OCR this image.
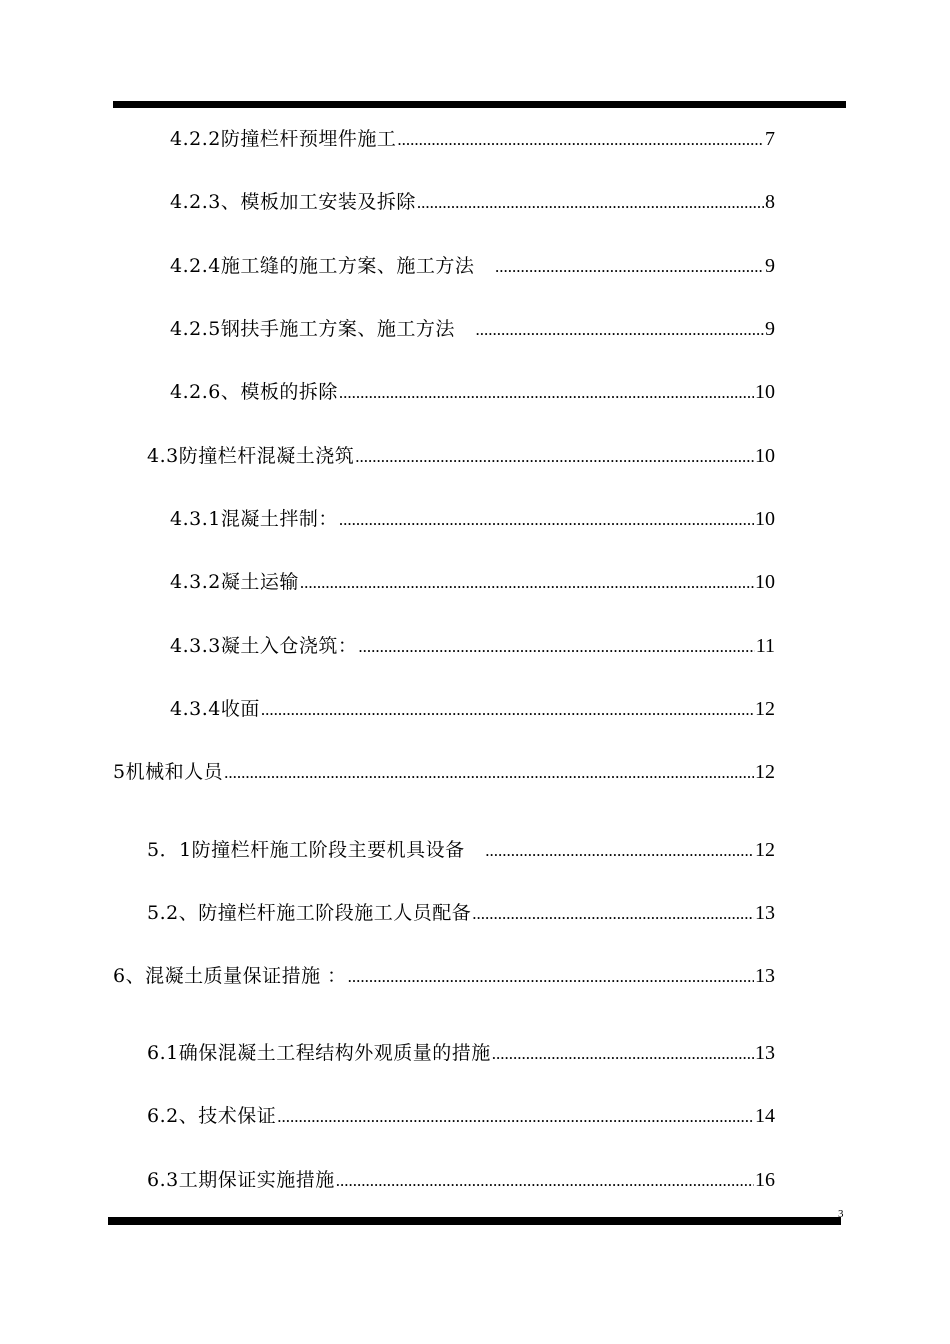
4.2.2防撞栏杆预埋件施工 .....	7
4.2.3、模板加工安装及拆除 .....	8
4.2.4施工缝的施工方案、施工方法 .....	9
4.2.5钢扶手施工方案、施工方法 .....	9
4.2.6、模板的拆除 .....	10
4.3防撞栏杆混凝土浇筑 .....	10
4.3.1混凝土拌制： .....	10
4.3.2凝土运输 .....	10
4.3.3凝土入仓浇筑： .....	11
4.3.4收面 .....	12
5机械和人员 .....	12
5．1防撞栏杆施工阶段主要机具设备 .....	12
5.2、防撞栏杆施工阶段施工人员配备 .....	13
6、混凝土质量保证措施 ： .....	13
6.1确保混凝土工程结构外观质量的措施 .....	13
6.2、技术保证 .....	14
6.3工期保证实施措施 .....	16
3
